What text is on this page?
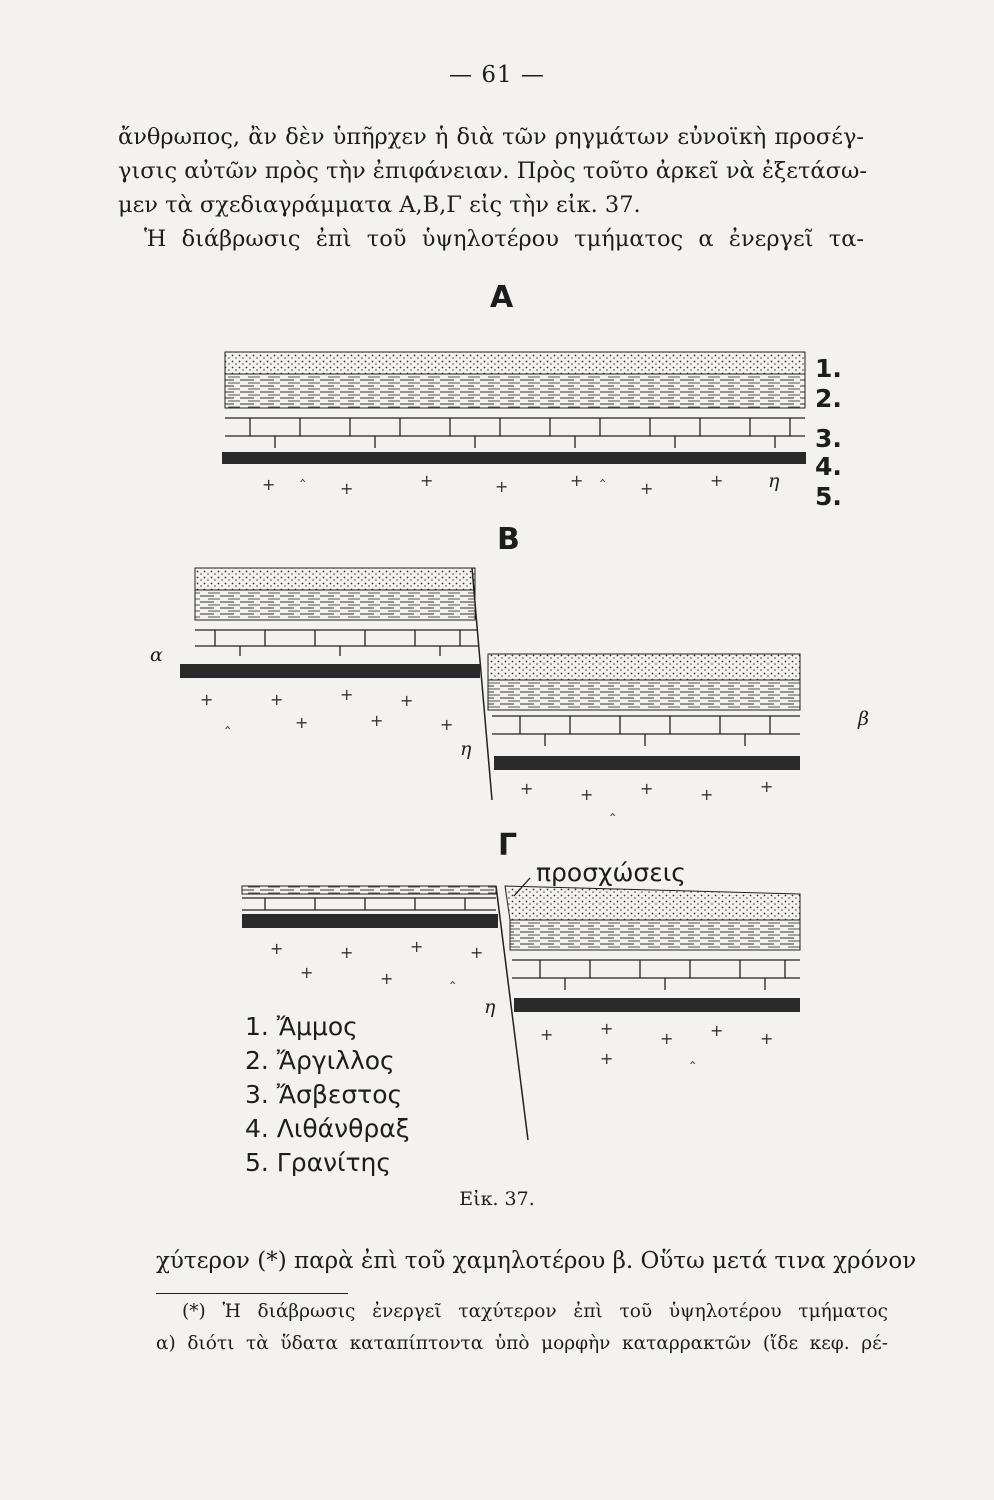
— 61 —
ἄνθρωπος, ἂν δὲν ὑπῆρχεν ἡ διὰ τῶν ρηγμάτων εὐνοϊκὴ προσέγ-
γισις αὐτῶν πρὸς τὴν ἐπιφάνειαν. Πρὸς τοῦτο ἀρκεῖ νὰ ἐξετάσω-
μεν τὰ σχεδιαγράμματα Α,Β,Γ εἰς τὴν εἰκ. 37.
Ἡ διάβρωσις ἐπὶ τοῦ ὑψηλοτέρου τμήματος α ἐνεργεῖ τα-
+	+	+	+	+	+	+
‸	‸
+	+	+	+
‸	+	+	+
+	+	+	+	+
‸
+	+	+	+
+	+	‸
+	+
+ + +
+	‸
Α
Β
Γ
1.
2.
3.
4.
5.
α
β
η
η
η
προσχώσεις
1. Ἄμμος
2. Ἄργιλλος
3. Ἄσβεστος
4. Λιθάνθραξ
5. Γρανίτης
Εἰκ. 37.
χύτερον (*) παρὰ ἐπὶ τοῦ χαμηλοτέρου β. Οὕτω μετά τινα χρόνον
(*) Ἡ διάβρωσις ἐνεργεῖ ταχύτερον ἐπὶ τοῦ ὑψηλοτέρου τμήματος
α) διότι τὰ ὕδατα καταπίπτοντα ὑπὸ μορφὴν καταρρακτῶν (ἴδε κεφ. ρέ-
